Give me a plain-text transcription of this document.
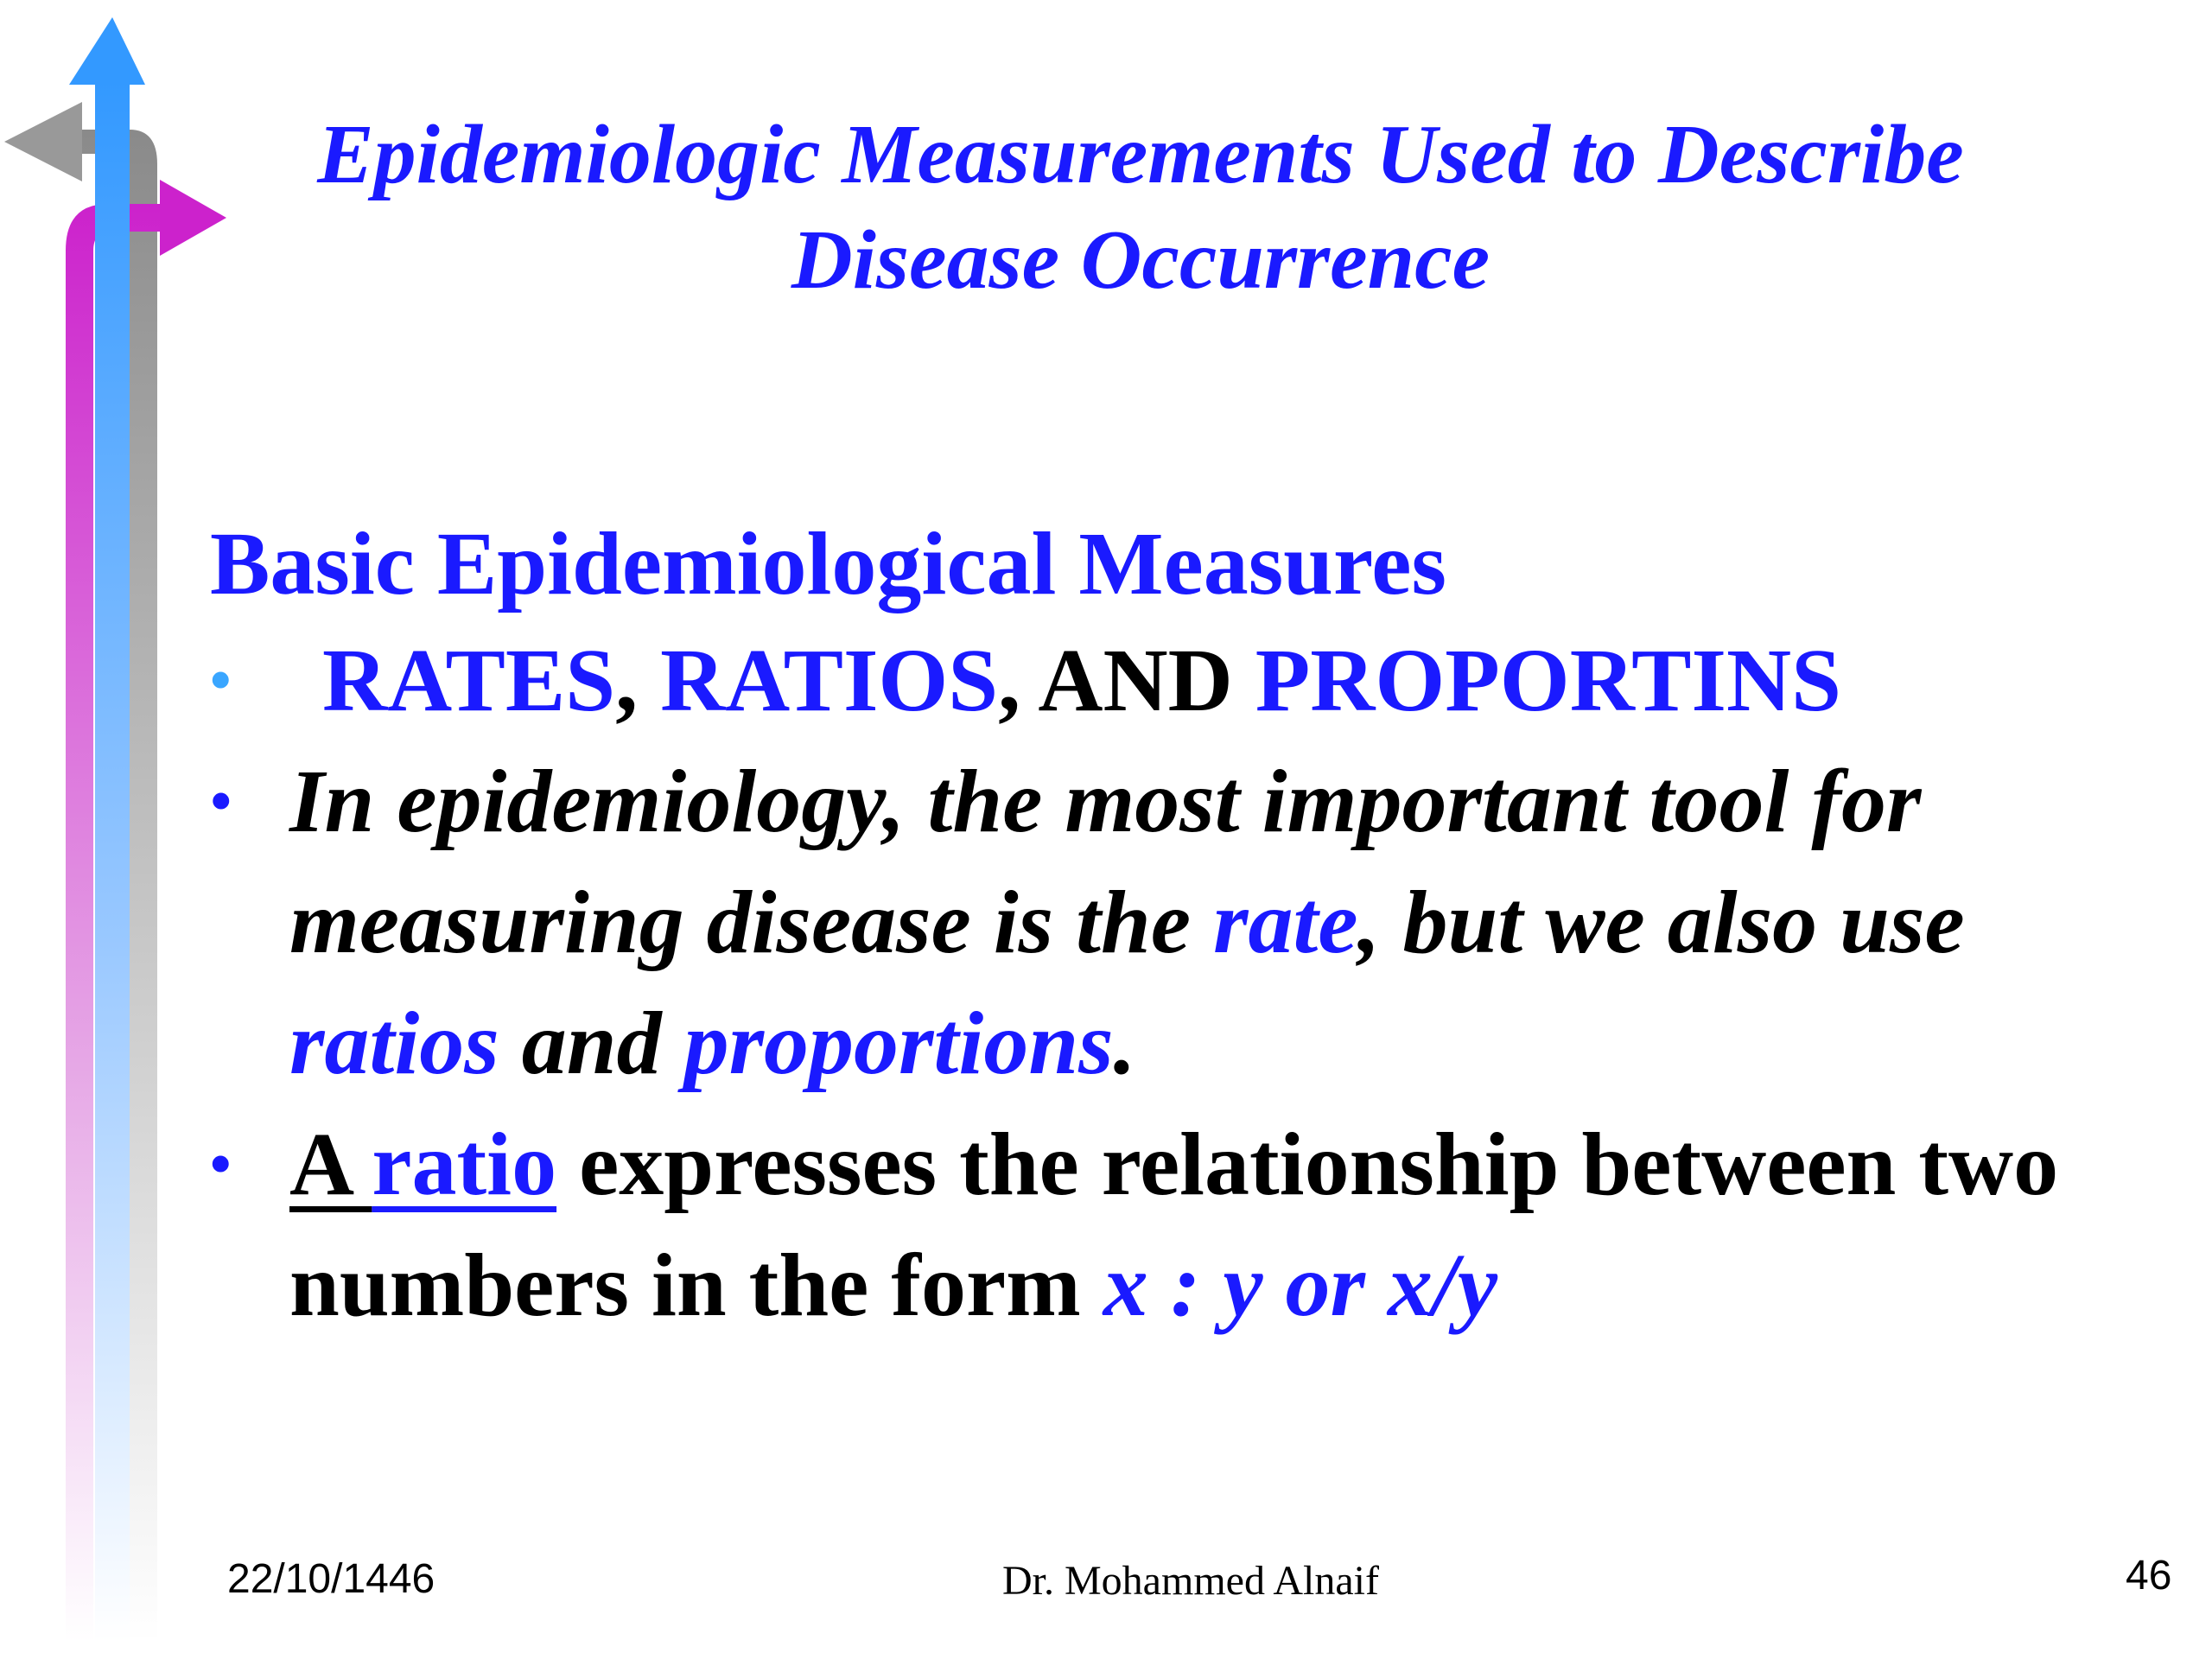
Epidemiologic Measurements Used to Describe
Disease Occurrence
Basic Epidemiological Measures
• RATES, RATIOS, AND PROPORTINS
• In epidemiology, the most important tool for measuring disease is the rate, but we also use ratios and proportions.
• A ratio expresses the relationship between two numbers in the form x : y or x/y
22/10/1446	Dr. Mohammed Alnaif	46
